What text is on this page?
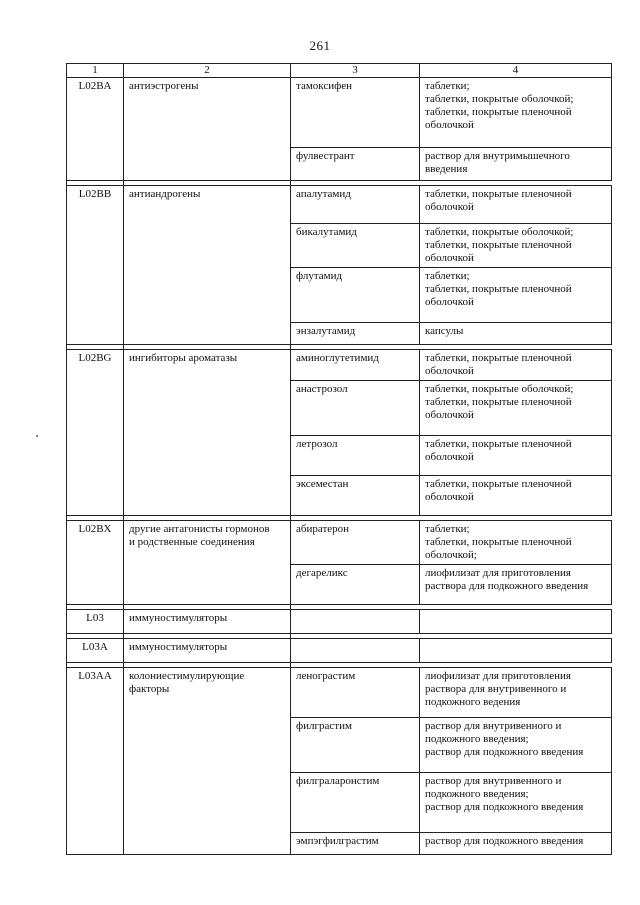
261
1	2	3	4
L02BA	антиэстрогены	тамоксифен	таблетки;
таблетки, покрытые оболочкой;
таблетки, покрытые пленочной
оболочкой

		фулвестрант	раствор для внутримышечного
введения

L02BB	антиандрогены	апалутамид	таблетки, покрытые пленочной
оболочкой

		бикалутамид	таблетки, покрытые оболочкой;
таблетки, покрытые пленочной
оболочкой

		флутамид	таблетки;
таблетки, покрытые пленочной
оболочкой

		энзалутамид	капсулы

L02BG	ингибиторы ароматазы	аминоглутетимид	таблетки, покрытые пленочной
оболочкой

		анастрозол	таблетки, покрытые оболочкой;
таблетки, покрытые пленочной
оболочкой

		летрозол	таблетки, покрытые пленочной
оболочкой

		эксеместан	таблетки, покрытые пленочной
оболочкой

L02BX	другие антагонисты гормонов
и родственные соединения	абиратерон	таблетки;
таблетки, покрытые пленочной
оболочкой;

		дегареликс	лиофилизат для приготовления
раствора для подкожного введения

L03	иммуностимуляторы		

L03A	иммуностимуляторы		

L03AA	колониестимулирующие
факторы	ленограстим	лиофилизат для приготовления
раствора для внутривенного и
подкожного ведения

		филграстим	раствор для внутривенного и
подкожного введения;
раствор для подкожного введения

		филграларонстим	раствор для внутривенного и
подкожного введения;
раствор для подкожного введения

		эмпэгфилграстим	раствор для подкожного введения
